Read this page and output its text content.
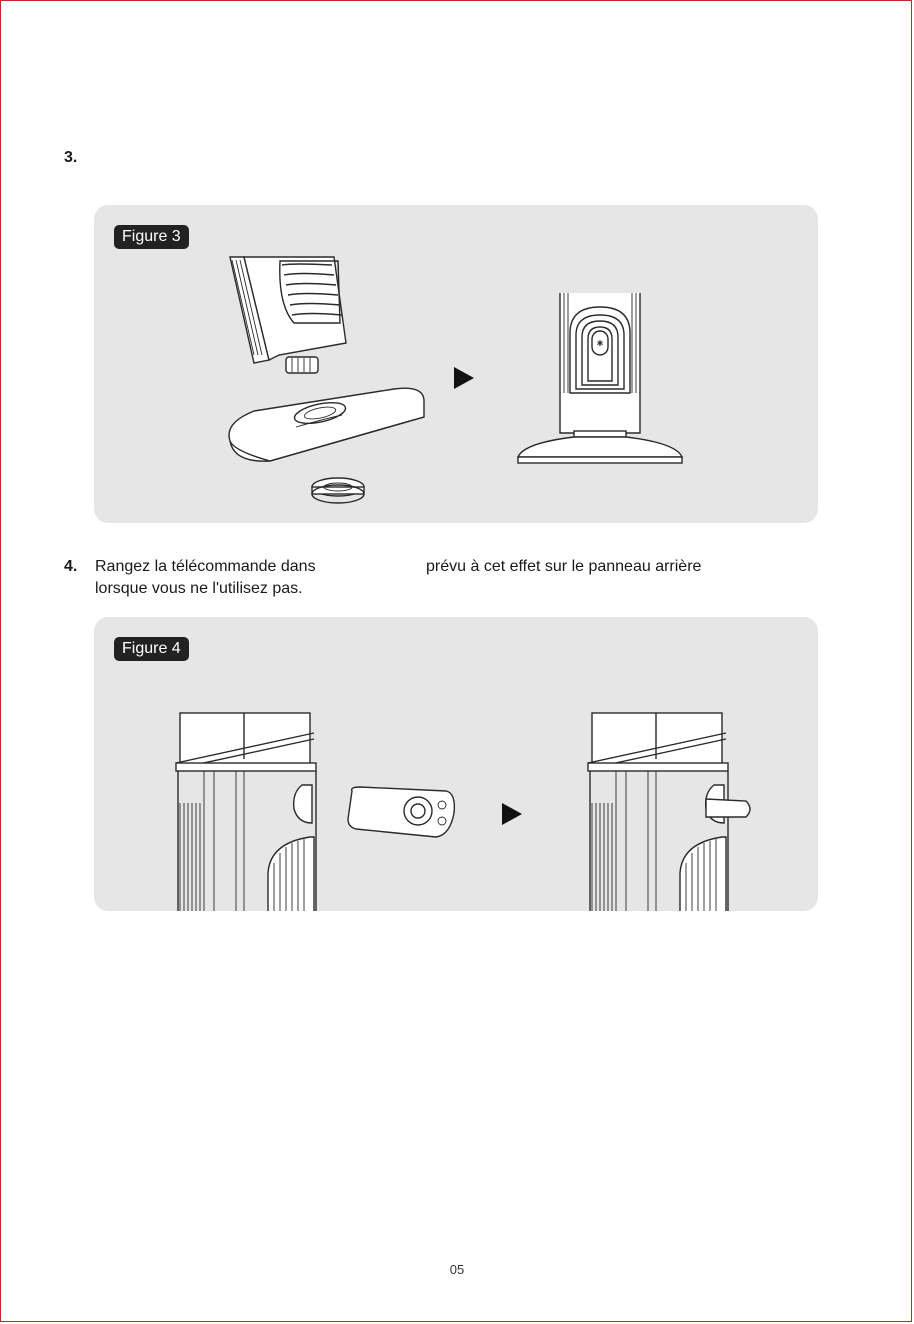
3.
Figure 3
✱
4. Rangez la télécommande dans	prévu à cet effet sur le panneau arrière
lorsque vous ne l'utilisez pas.
Figure 4
05
